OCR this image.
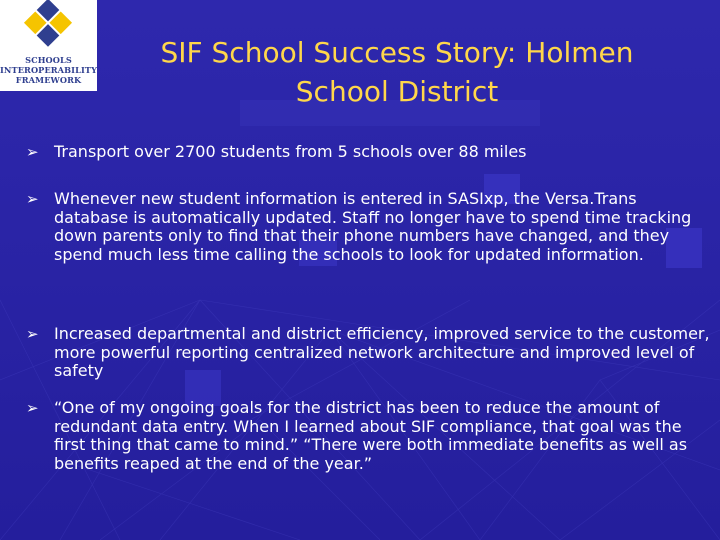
SCHOOLS
INTEROPERABILITY
FRAMEWORK
SIF School Success Story: Holmen
School District
➢ Transport over 2700 students from 5 schools over 88 miles
➢ Whenever new student information is entered in SASIxp, the Versa.Trans database is automatically updated. Staff no longer have to spend time tracking down parents only to find that their phone numbers have changed, and they spend much less time calling the schools to look for updated information.
➢ Increased departmental and district efficiency, improved service to the customer, more powerful reporting centralized network architecture and improved level of safety
➢ “One of my ongoing goals for the district has been to reduce the amount of redundant data entry. When I learned about SIF compliance, that goal was the first thing that came to mind.” “There were both immediate benefits as well as benefits reaped at the end of the year.”
